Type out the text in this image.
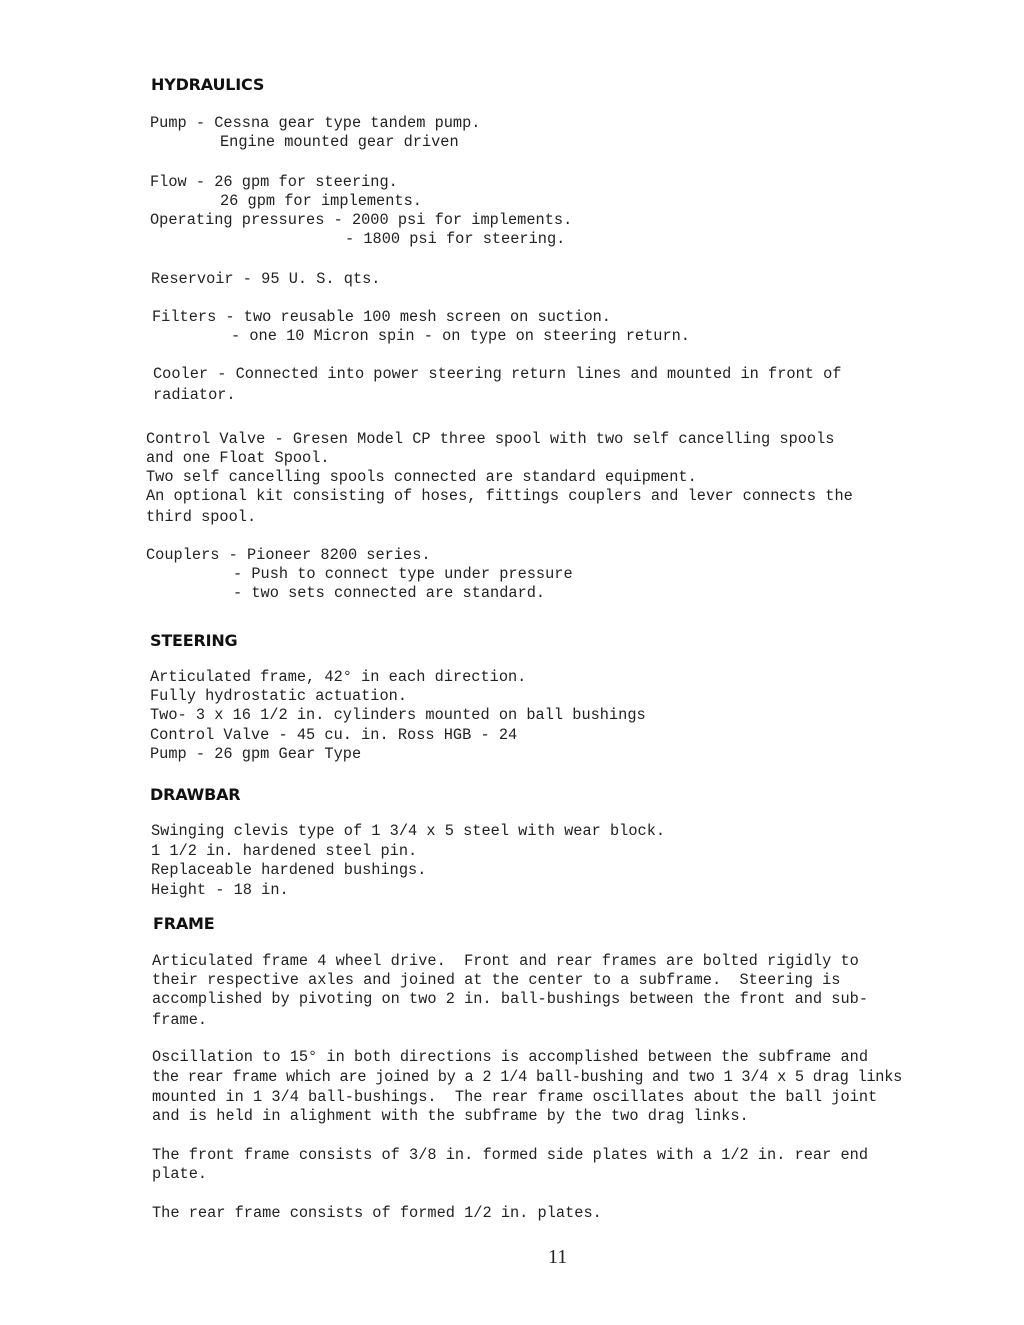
HYDRAULICS
Pump - Cessna gear type tandem pump.
Engine mounted gear driven
Flow - 26 gpm for steering.
26 gpm for implements.
Operating pressures - 2000 psi for implements.
- 1800 psi for steering.
Reservoir - 95 U. S. qts.
Filters - two reusable 100 mesh screen on suction.
- one 10 Micron spin - on type on steering return.
Cooler - Connected into power steering return lines and mounted in front of
radiator.
Control Valve - Gresen Model CP three spool with two self cancelling spools
and one Float Spool.
Two self cancelling spools connected are standard equipment.
An optional kit consisting of hoses, fittings couplers and lever connects the
third spool.
Couplers - Pioneer 8200 series.
- Push to connect type under pressure
- two sets connected are standard.
STEERING
Articulated frame, 42° in each direction.
Fully hydrostatic actuation.
Two- 3 x 16 1/2 in. cylinders mounted on ball bushings
Control Valve - 45 cu. in. Ross HGB - 24
Pump - 26 gpm Gear Type
DRAWBAR
Swinging clevis type of 1 3/4 x 5 steel with wear block.
1 1/2 in. hardened steel pin.
Replaceable hardened bushings.
Height - 18 in.
FRAME
Articulated frame 4 wheel drive.  Front and rear frames are bolted rigidly to
their respective axles and joined at the center to a subframe.  Steering is
accomplished by pivoting on two 2 in. ball-bushings between the front and sub-
frame.
Oscillation to 15° in both directions is accomplished between the subframe and
the rear frame which are joined by a 2 1/4 ball-bushing and two 1 3/4 x 5 drag links
mounted in 1 3/4 ball-bushings.  The rear frame oscillates about the ball joint
and is held in alighment with the subframe by the two drag links.
The front frame consists of 3/8 in. formed side plates with a 1/2 in. rear end
plate.
The rear frame consists of formed 1/2 in. plates.
11
